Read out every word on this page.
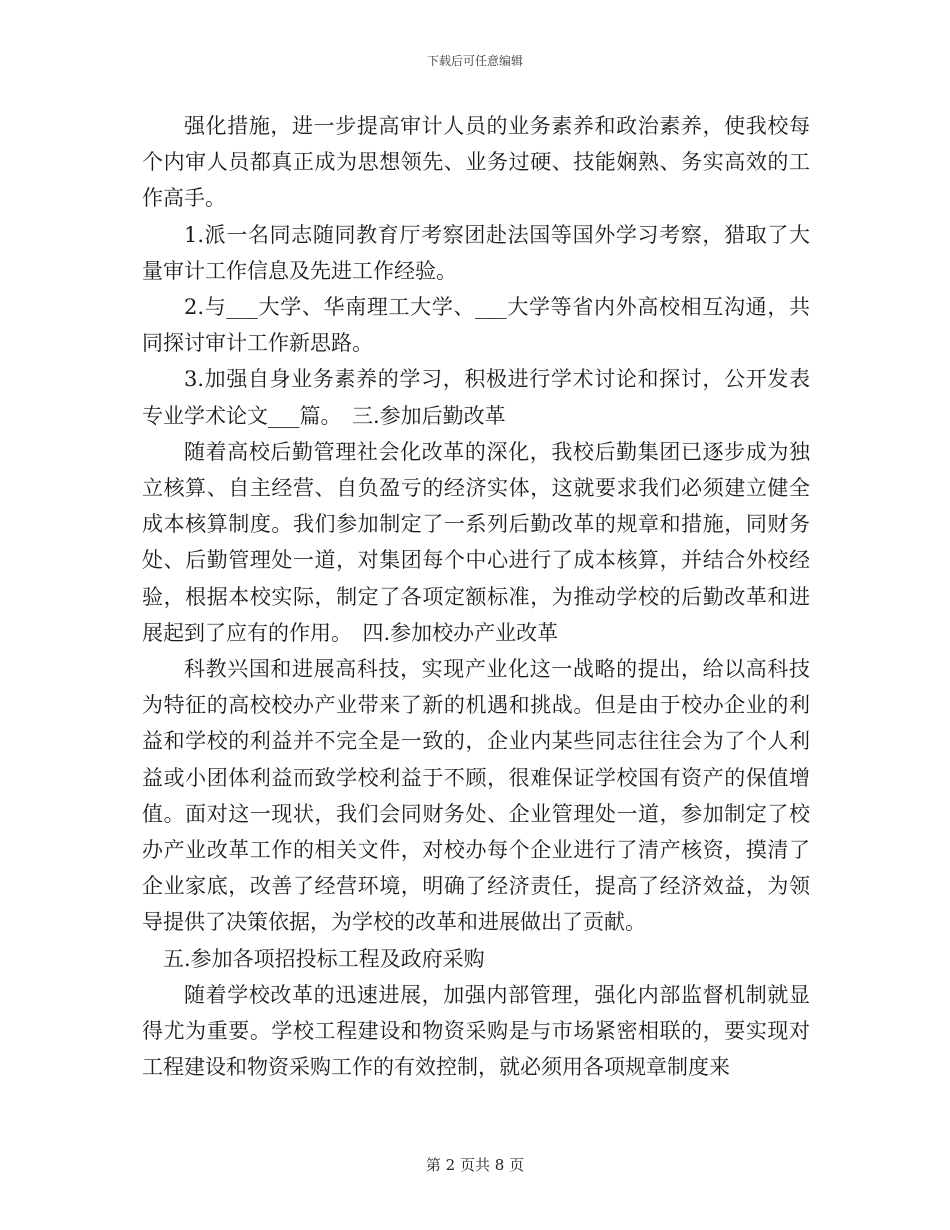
下载后可任意编辑

强化措施，进一步提高审计人员的业务素养和政治素养，使我校每个内审人员都真正成为思想领先、业务过硬、技能娴熟、务实高效的工作高手。

1.派一名同志随同教育厅考察团赴法国等国外学习考察，猎取了大量审计工作信息及先进工作经验。

2.与___大学、华南理工大学、___大学等省内外高校相互沟通，共同探讨审计工作新思路。

3.加强自身业务素养的学习，积极进行学术讨论和探讨，公开发表专业学术论文___篇。　三.参加后勤改革

随着高校后勤管理社会化改革的深化，我校后勤集团已逐步成为独立核算、自主经营、自负盈亏的经济实体，这就要求我们必须建立健全成本核算制度。我们参加制定了一系列后勤改革的规章和措施，同财务处、后勤管理处一道，对集团每个中心进行了成本核算，并结合外校经验，根据本校实际，制定了各项定额标准，为推动学校的后勤改革和进展起到了应有的作用。　四.参加校办产业改革

科教兴国和进展高科技，实现产业化这一战略的提出，给以高科技为特征的高校校办产业带来了新的机遇和挑战。但是由于校办企业的利益和学校的利益并不完全是一致的，企业内某些同志往往会为了个人利益或小团体利益而致学校利益于不顾，很难保证学校国有资产的保值增值。面对这一现状，我们会同财务处、企业管理处一道，参加制定了校办产业改革工作的相关文件，对校办每个企业进行了清产核资，摸清了企业家底，改善了经营环境，明确了经济责任，提高了经济效益，为领导提供了决策依据，为学校的改革和进展做出了贡献。

五.参加各项招投标工程及政府采购

随着学校改革的迅速进展，加强内部管理，强化内部监督机制就显得尤为重要。学校工程建设和物资采购是与市场紧密相联的，要实现对工程建设和物资采购工作的有效控制，就必须用各项规章制度来

第 2 页共 8 页
